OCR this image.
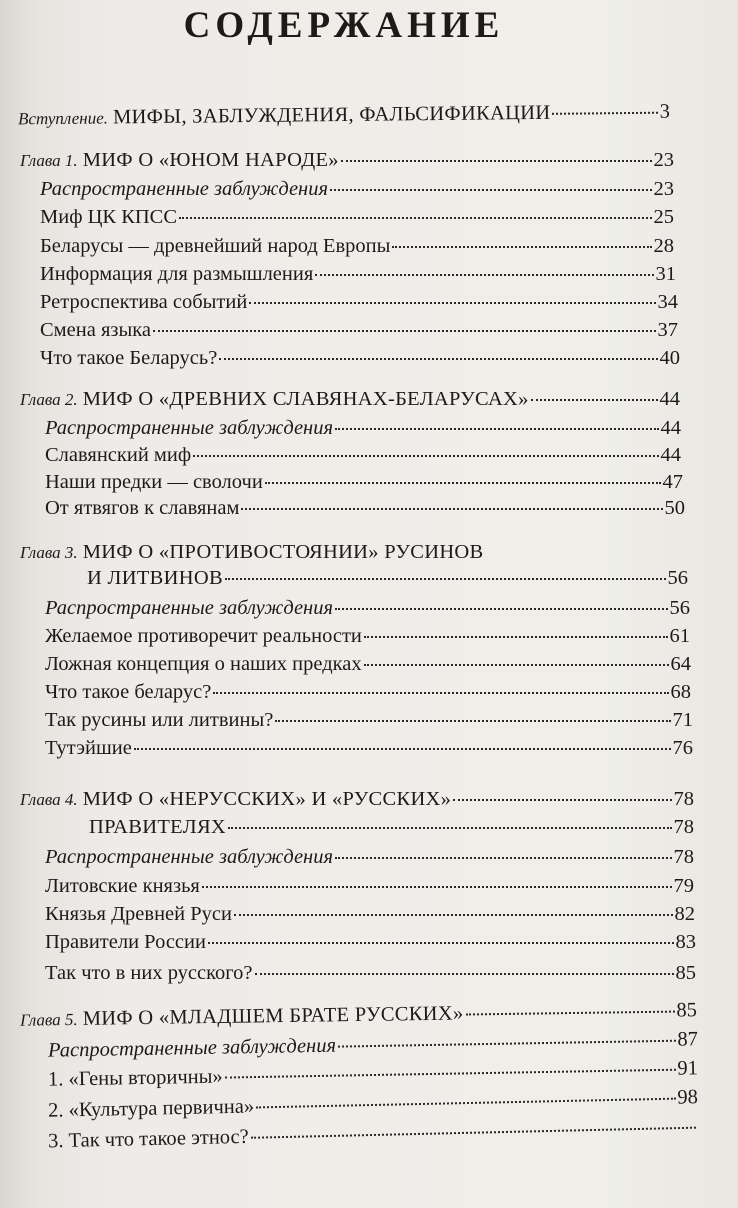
СОДЕРЖАНИЕ
Вступление. МИФЫ, ЗАБЛУЖДЕНИЯ, ФАЛЬСИФИКАЦИИ	3
Глава 1. МИФ О «ЮНОМ НАРОДЕ»	23
Распространенные заблуждения	23
Миф ЦК КПСС	25
Беларусы — древнейший народ Европы	28
Информация для размышления	31
Ретроспектива событий	34
Смена языка	37
Что такое Беларусь?	40
Глава 2. МИФ О «ДРЕВНИХ СЛАВЯНАХ-БЕЛАРУСАХ»	44
Распространенные заблуждения	44
Славянский миф	44
Наши предки — сволочи	47
От ятвягов к славянам	50
Глава 3. МИФ О «ПРОТИВОСТОЯНИИ» РУСИНОВ
И ЛИТВИНОВ	56
Распространенные заблуждения	56
Желаемое противоречит реальности	61
Ложная концепция о наших предках	64
Что такое беларус?	68
Так русины или литвины?	71
Тутэйшие	76
Глава 4. МИФ О «НЕРУССКИХ» И «РУССКИХ»	78
ПРАВИТЕЛЯХ	78
Распространенные заблуждения	78
Литовские князья	79
Князья Древней Руси	82
Правители России	83
Так что в них русского?	85
Глава 5. МИФ О «МЛАДШЕМ БРАТЕ РУССКИХ»	85
Распространенные заблуждения	87
1. «Гены вторичны»	91
2. «Культура первична»	98
3. Так что такое этнос?
